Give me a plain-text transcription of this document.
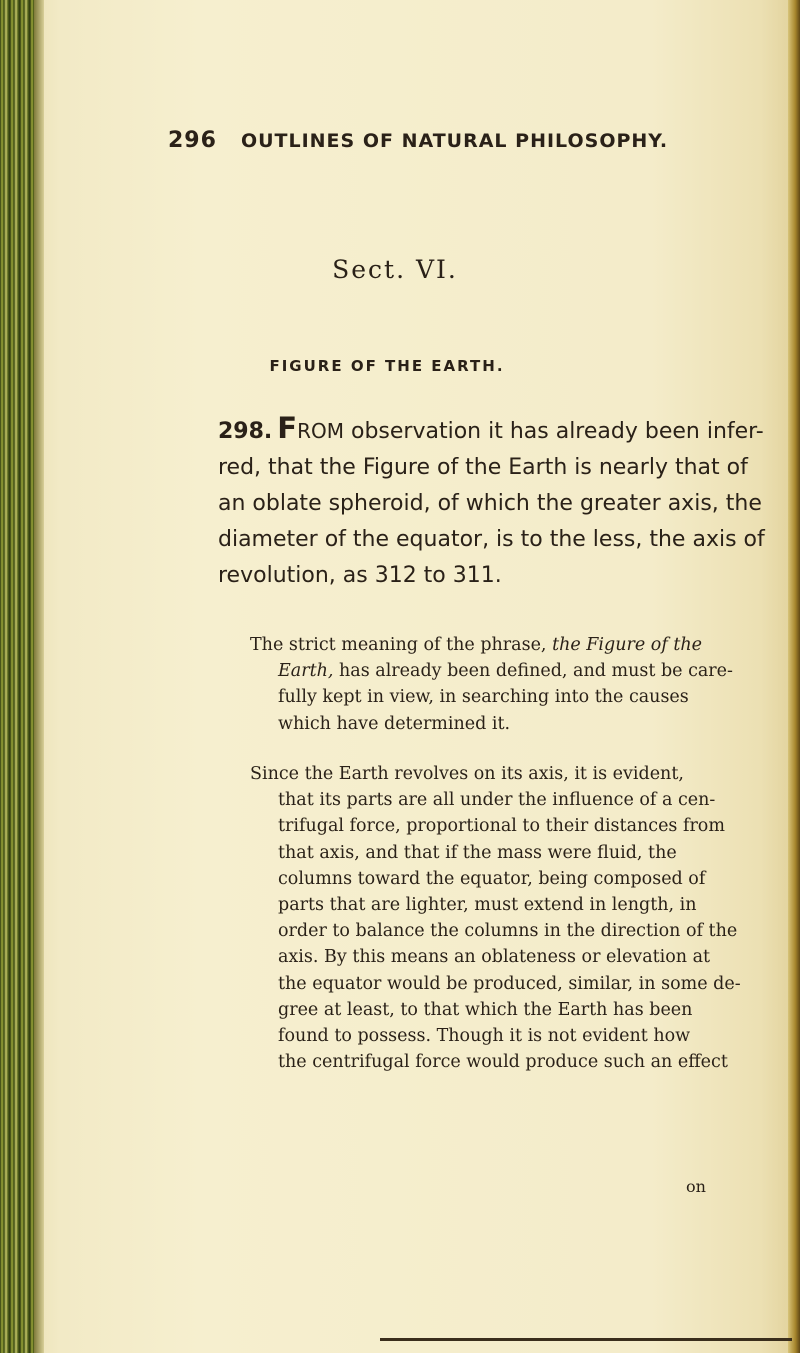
296 OUTLINES OF NATURAL PHILOSOPHY.
Sect. VI.
FIGURE OF THE EARTH.
298. FROM observation it has already been infer-
red, that the Figure of the Earth is nearly that of
an oblate spheroid, of which the greater axis, the
diameter of the equator, is to the less, the axis of
revolution, as 312 to 311.
The strict meaning of the phrase, the Figure of the
Earth, has already been defined, and must be care-
fully kept in view, in searching into the causes
which have determined it.
Since the Earth revolves on its axis, it is evident,
that its parts are all under the influence of a cen-
trifugal force, proportional to their distances from
that axis, and that if the mass were fluid, the
columns toward the equator, being composed of
parts that are lighter, must extend in length, in
order to balance the columns in the direction of the
axis. By this means an oblateness or elevation at
the equator would be produced, similar, in some de-
gree at least, to that which the Earth has been
found to possess. Though it is not evident how
the centrifugal force would produce such an effect
on
